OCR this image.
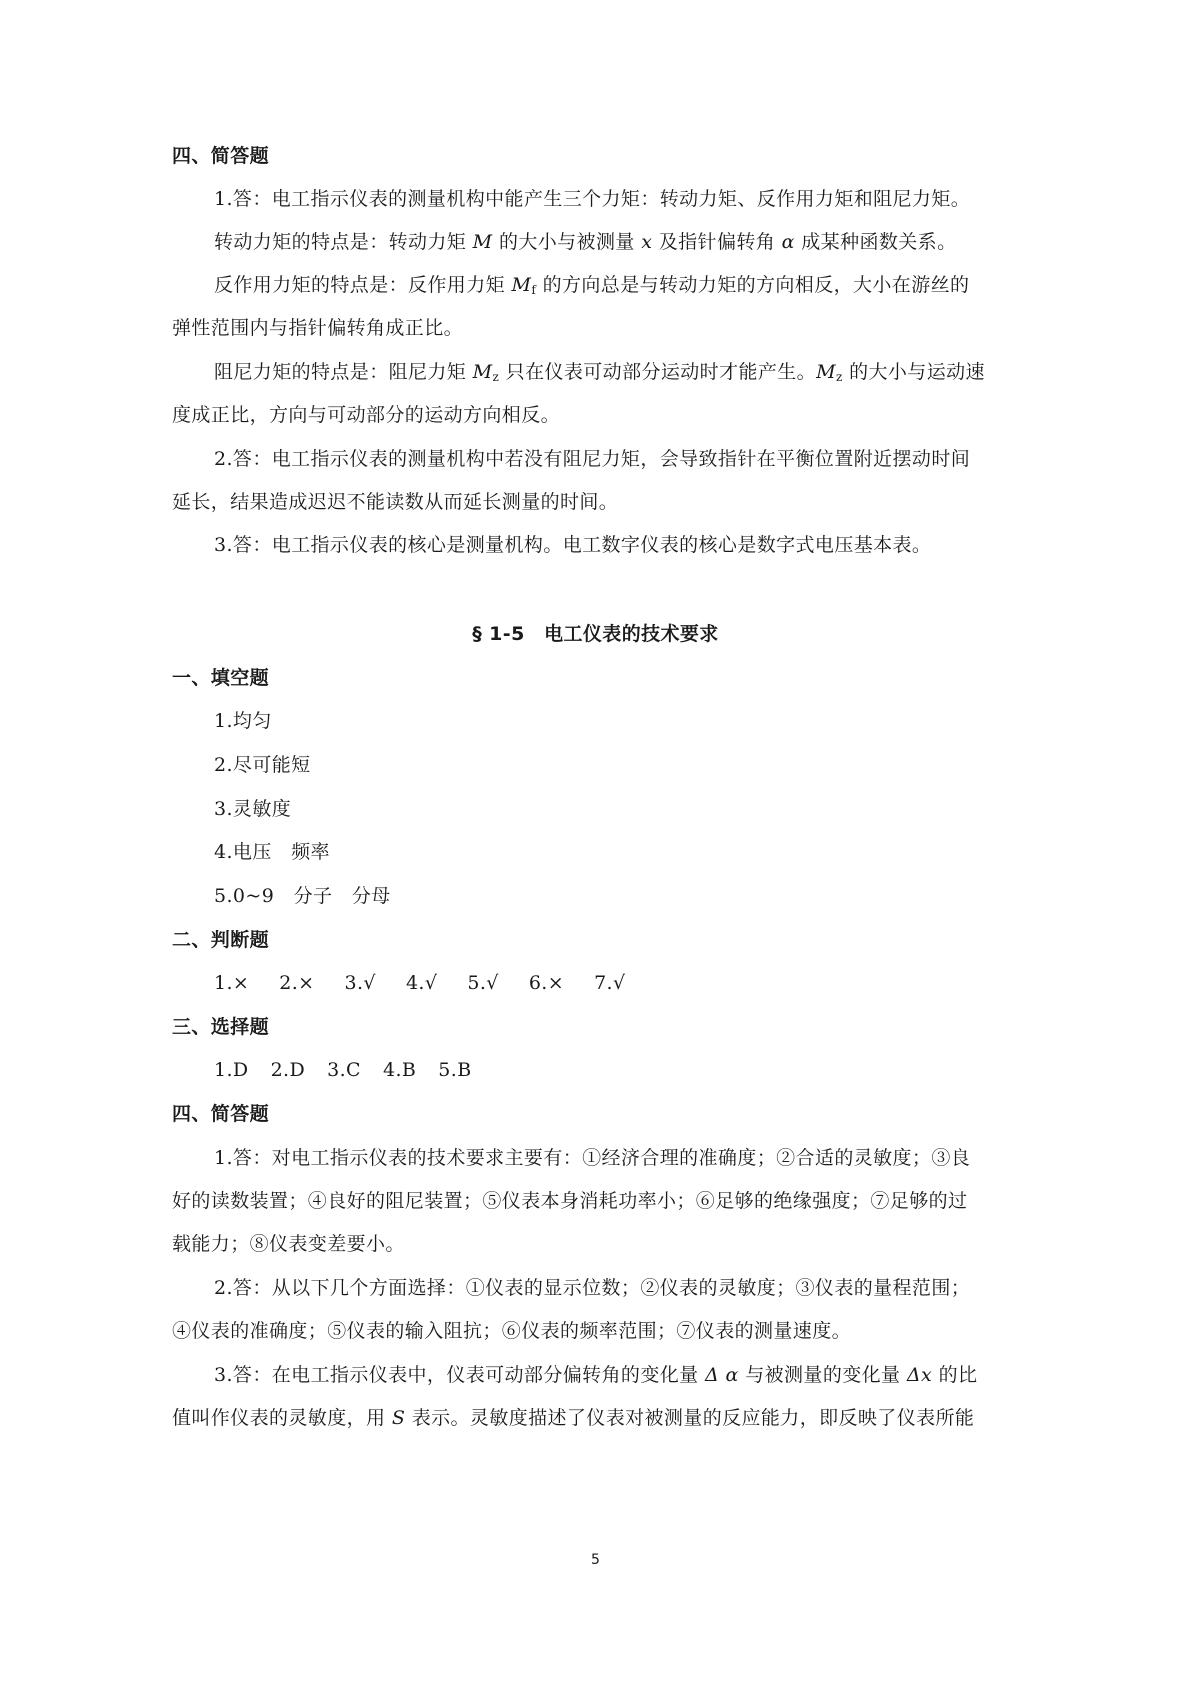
四、简答题
1.答：电工指示仪表的测量机构中能产生三个力矩：转动力矩、反作用力矩和阻尼力矩。
转动力矩的特点是：转动力矩 M 的大小与被测量 x 及指针偏转角 α 成某种函数关系。
反作用力矩的特点是：反作用力矩 $M_f$ 的方向总是与转动力矩的方向相反，大小在游丝的
弹性范围内与指针偏转角成正比。
阻尼力矩的特点是：阻尼力矩 $M_z$ 只在仪表可动部分运动时才能产生。$M_z$ 的大小与运动速
度成正比，方向与可动部分的运动方向相反。
2.答：电工指示仪表的测量机构中若没有阻尼力矩，会导致指针在平衡位置附近摆动时间
延长，结果造成迟迟不能读数从而延长测量的时间。
3.答：电工指示仪表的核心是测量机构。电工数字仪表的核心是数字式电压基本表。
§ 1-5　电工仪表的技术要求
一、填空题
1.均匀
2.尽可能短
3.灵敏度
4.电压　频率
5.0~9　分子　分母
二、判断题
1.× 2.× 3.√ 4.√ 5.√ 6.× 7.√
三、选择题
1.D 2.D 3.C 4.B 5.B
四、简答题
1.答：对电工指示仪表的技术要求主要有：①经济合理的准确度；②合适的灵敏度；③良
好的读数装置；④良好的阻尼装置；⑤仪表本身消耗功率小；⑥足够的绝缘强度；⑦足够的过
载能力；⑧仪表变差要小。
2.答：从以下几个方面选择：①仪表的显示位数；②仪表的灵敏度；③仪表的量程范围；
④仪表的准确度；⑤仪表的输入阻抗；⑥仪表的频率范围；⑦仪表的测量速度。
3.答：在电工指示仪表中，仪表可动部分偏转角的变化量 Δ α 与被测量的变化量 Δx 的比
值叫作仪表的灵敏度，用 S 表示。灵敏度描述了仪表对被测量的反应能力，即反映了仪表所能
5
